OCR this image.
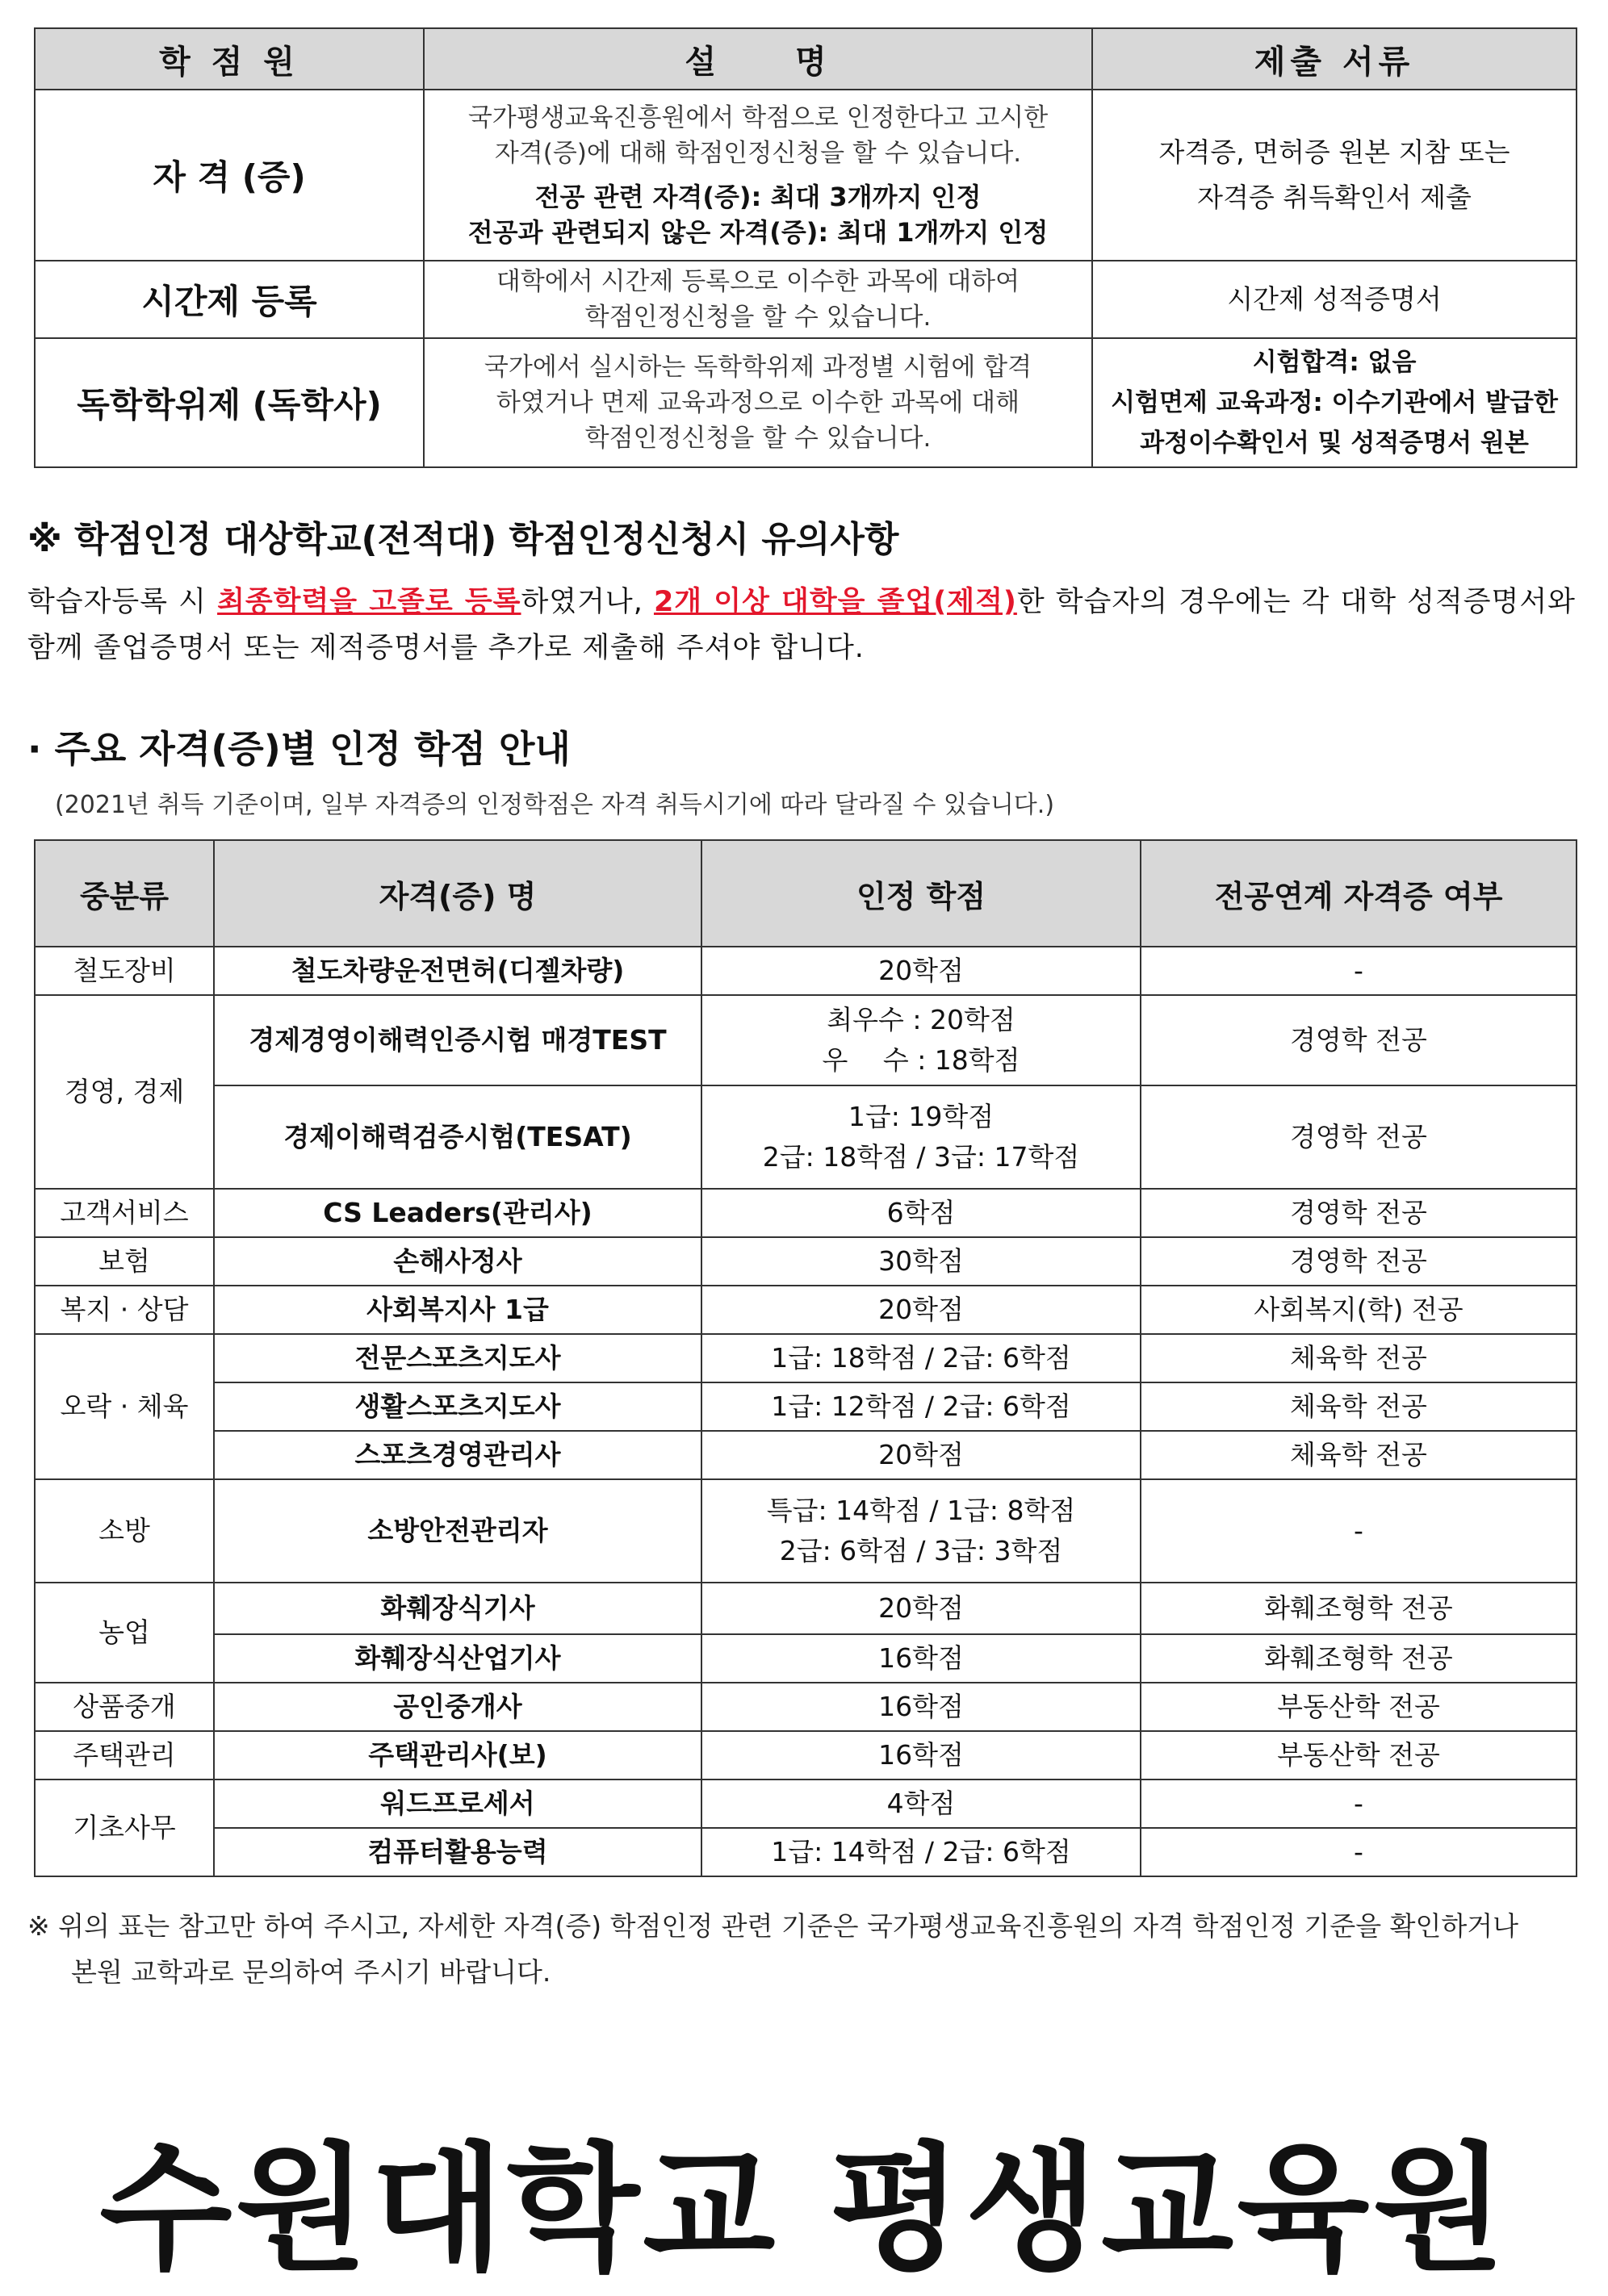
학 점 원	설　　명	제출 서류
자 격 (증)	국가평생교육진흥원에서 학점으로 인정한다고 고시한
자격(증)에 대해 학점인정신청을 할 수 있습니다.
전공 관련 자격(증): 최대 3개까지 인정
전공과 관련되지 않은 자격(증): 최대 1개까지 인정	자격증, 면허증 원본 지참 또는
자격증 취득확인서 제출

시간제 등록	대학에서 시간제 등록으로 이수한 과목에 대하여
학점인정신청을 할 수 있습니다.	시간제 성적증명서
독학학위제 (독학사)	국가에서 실시하는 독학학위제 과정별 시험에 합격
하였거나 면제 교육과정으로 이수한 과목에 대해
학점인정신청을 할 수 있습니다.	시험합격: 없음
시험면제 교육과정: 이수기관에서 발급한
과정이수확인서 및 성적증명서 원본
※ 학점인정 대상학교(전적대) 학점인정신청시 유의사항
학습자등록 시 최종학력을 고졸로 등록하였거나, 2개 이상 대학을 졸업(제적)한 학습자의 경우에는 각 대학 성적증명서와 함께 졸업증명서 또는 제적증명서를 추가로 제출해 주셔야 합니다.
· 주요 자격(증)별 인정 학점 안내
(2021년 취득 기준이며, 일부 자격증의 인정학점은 자격 취득시기에 따라 달라질 수 있습니다.)
중분류	자격(증) 명	인정 학점	전공연계 자격증 여부
철도장비	철도차량운전면허(디젤차량)	20학점	-
경영, 경제	경제경영이해력인증시험 매경TEST	최우수 : 20학점
우　 수 : 18학점	경영학 전공
	경제이해력검증시험(TESAT)	1급: 19학점
2급: 18학점 / 3급: 17학점	경영학 전공
고객서비스	CS Leaders(관리사)	6학점	경영학 전공
보험	손해사정사	30학점	경영학 전공
복지 · 상담	사회복지사 1급	20학점	사회복지(학) 전공
오락 · 체육	전문스포츠지도사	1급: 18학점 / 2급: 6학점	체육학 전공
	생활스포츠지도사	1급: 12학점 / 2급: 6학점	체육학 전공
	스포츠경영관리사	20학점	체육학 전공
소방	소방안전관리자	특급: 14학점 / 1급: 8학점
2급: 6학점 / 3급: 3학점	-
농업	화훼장식기사	20학점	화훼조형학 전공
	화훼장식산업기사	16학점	화훼조형학 전공
상품중개	공인중개사	16학점	부동산학 전공
주택관리	주택관리사(보)	16학점	부동산학 전공
기초사무	워드프로세서	4학점	-
	컴퓨터활용능력	1급: 14학점 / 2급: 6학점	-
※ 위의 표는 참고만 하여 주시고, 자세한 자격(증) 학점인정 관련 기준은 국가평생교육진흥원의 자격 학점인정 기준을 확인하거나
본원 교학과로 문의하여 주시기 바랍니다.
수원대학교 평생교육원
